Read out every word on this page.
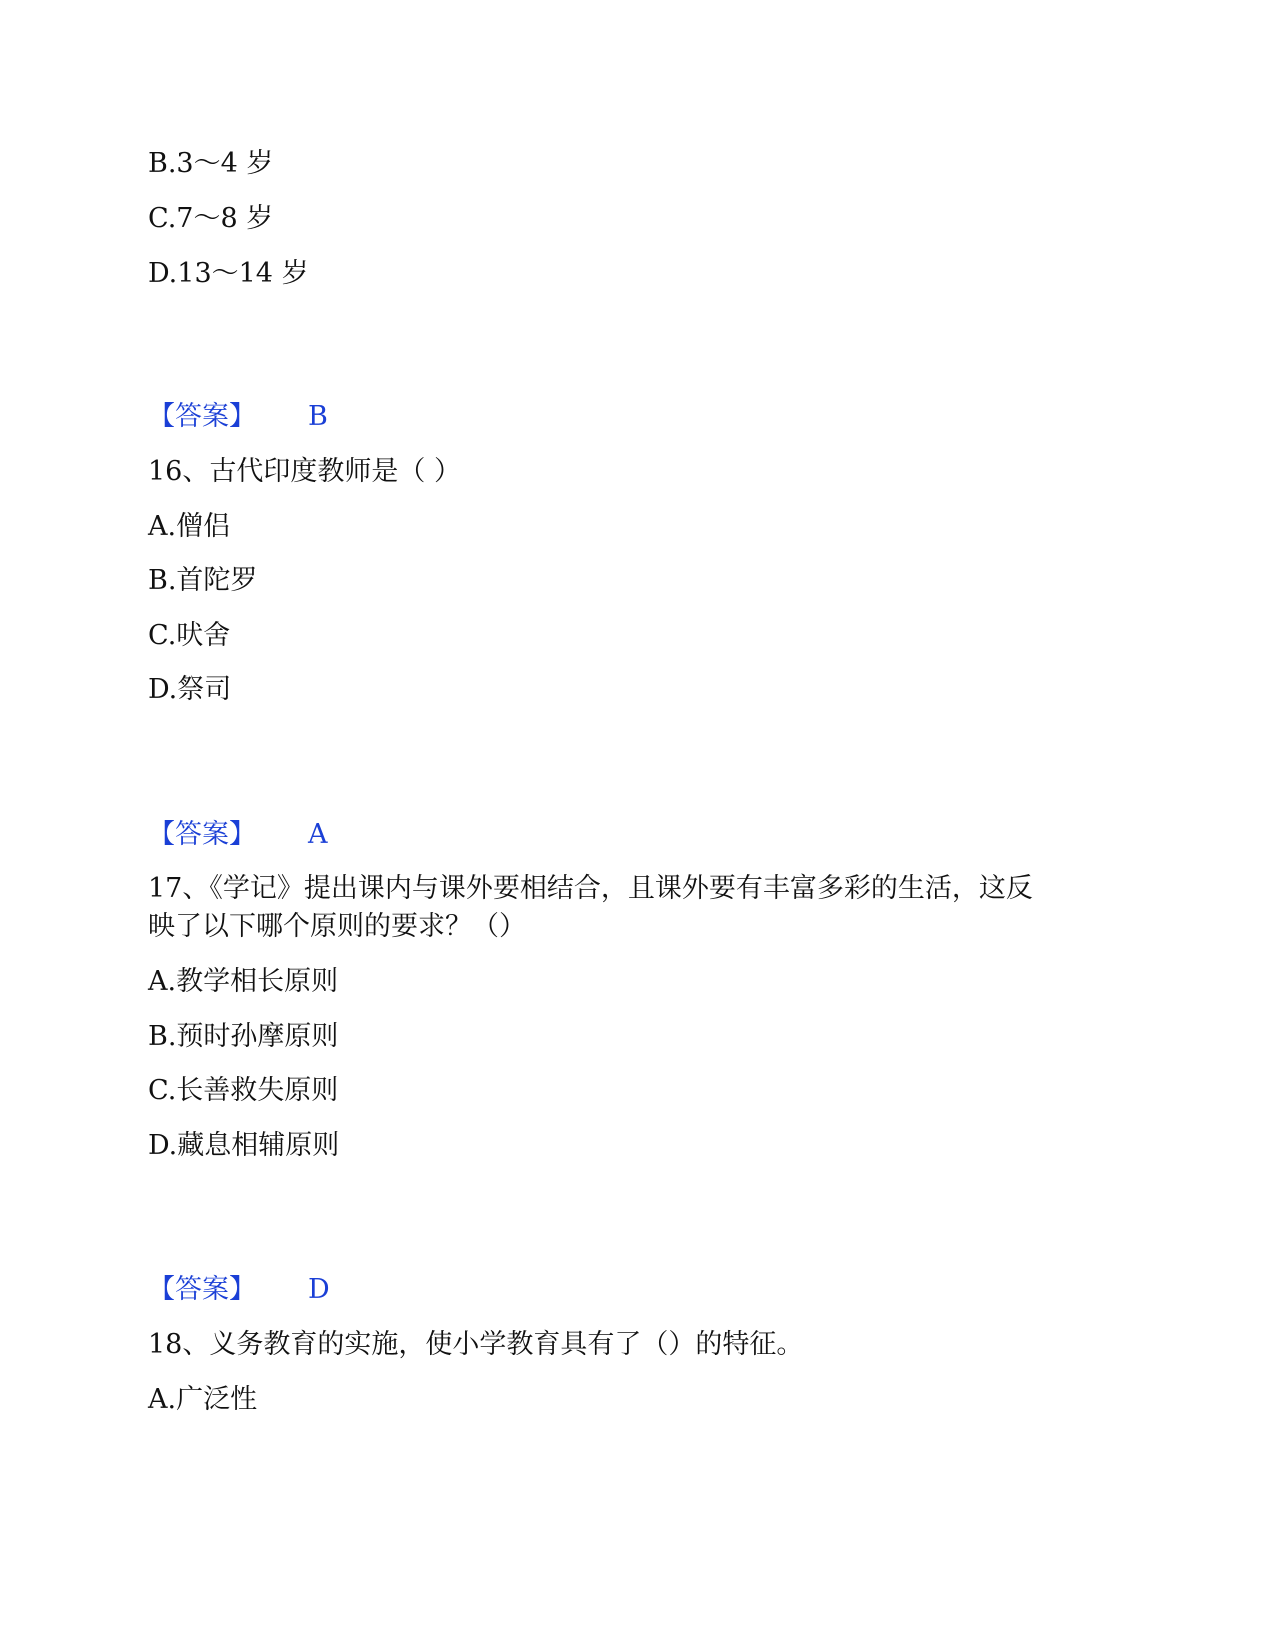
B.3～4 岁
C.7～8 岁
D.13～14 岁
【答案】 B
16、古代印度教师是（ ）
A.僧侣
B.首陀罗
C.吠舍
D.祭司
【答案】 A
17、《学记》提出课内与课外要相结合，且课外要有丰富多彩的生活，这反
映了以下哪个原则的要求？（）
A.教学相长原则
B.预时孙摩原则
C.长善救失原则
D.藏息相辅原则
【答案】 D
18、义务教育的实施，使小学教育具有了（）的特征。
A.广泛性
